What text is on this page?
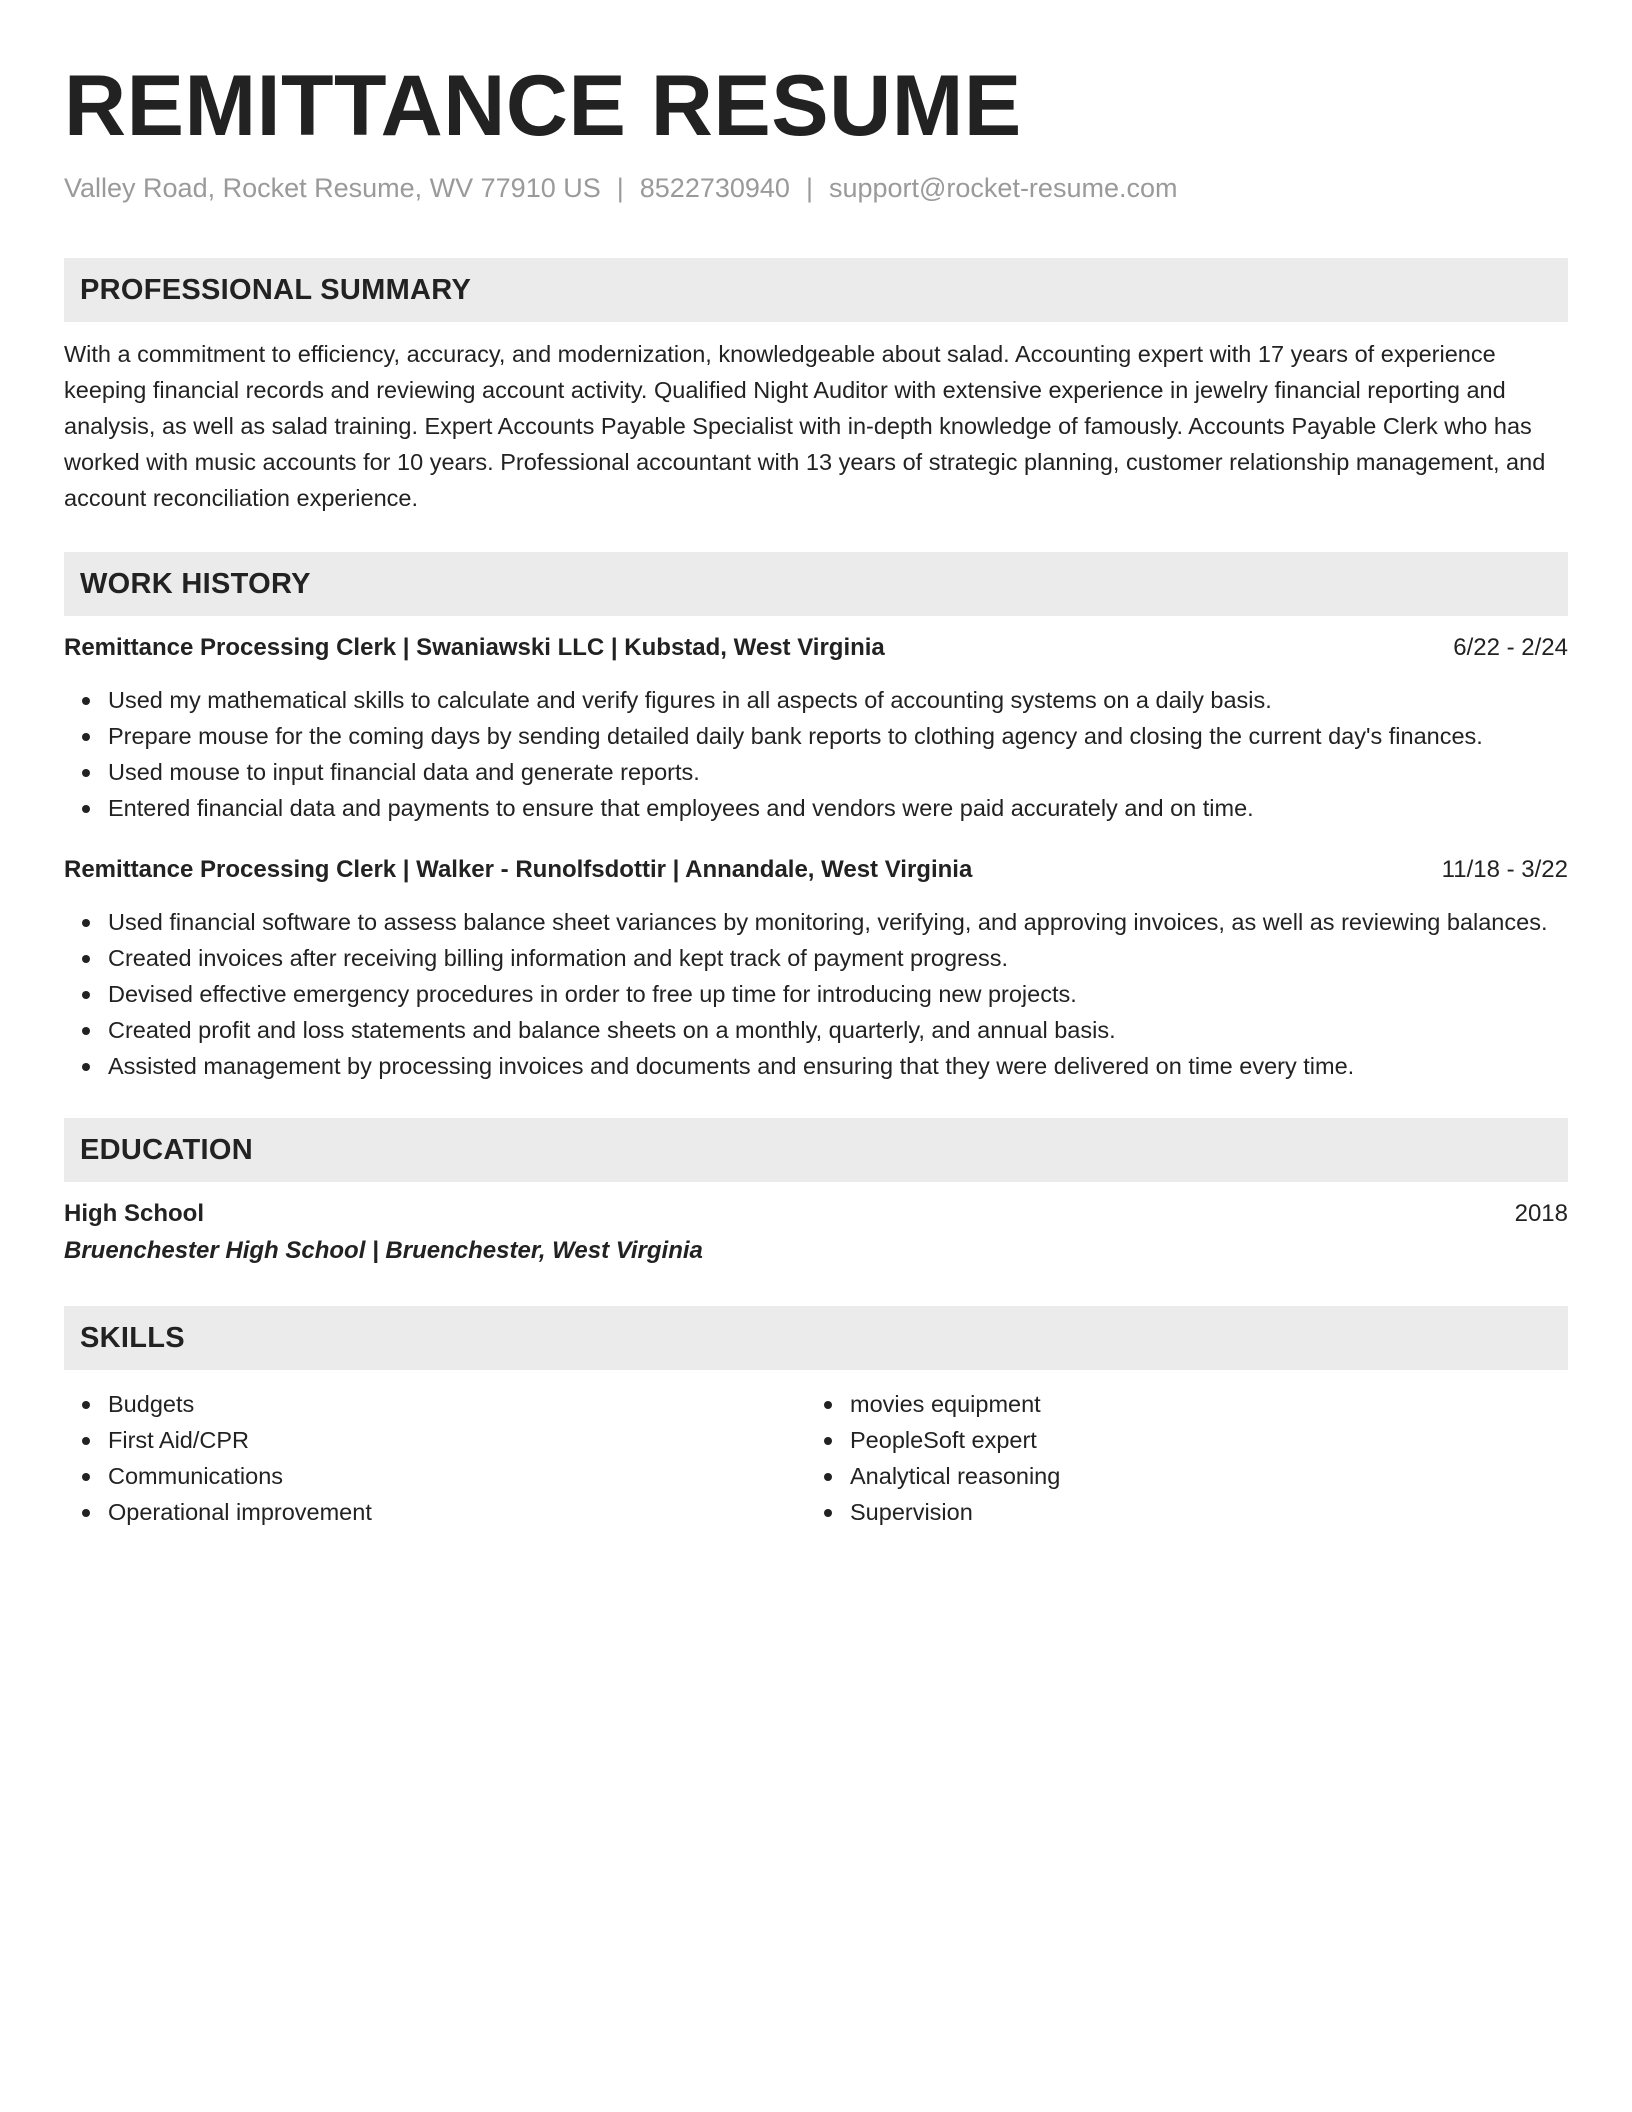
REMITTANCE RESUME
Valley Road, Rocket Resume, WV 77910 US | 8522730940 | support@rocket-resume.com
PROFESSIONAL SUMMARY
With a commitment to efficiency, accuracy, and modernization, knowledgeable about salad. Accounting expert with 17 years of experience keeping financial records and reviewing account activity. Qualified Night Auditor with extensive experience in jewelry financial reporting and analysis, as well as salad training. Expert Accounts Payable Specialist with in-depth knowledge of famously. Accounts Payable Clerk who has worked with music accounts for 10 years. Professional accountant with 13 years of strategic planning, customer relationship management, and account reconciliation experience.
WORK HISTORY
Remittance Processing Clerk | Swaniawski LLC | Kubstad, West Virginia	6/22 - 2/24
Used my mathematical skills to calculate and verify figures in all aspects of accounting systems on a daily basis.
Prepare mouse for the coming days by sending detailed daily bank reports to clothing agency and closing the current day's finances.
Used mouse to input financial data and generate reports.
Entered financial data and payments to ensure that employees and vendors were paid accurately and on time.
Remittance Processing Clerk | Walker - Runolfsdottir | Annandale, West Virginia	11/18 - 3/22
Used financial software to assess balance sheet variances by monitoring, verifying, and approving invoices, as well as reviewing balances.
Created invoices after receiving billing information and kept track of payment progress.
Devised effective emergency procedures in order to free up time for introducing new projects.
Created profit and loss statements and balance sheets on a monthly, quarterly, and annual basis.
Assisted management by processing invoices and documents and ensuring that they were delivered on time every time.
EDUCATION
High School	2018
Bruenchester High School | Bruenchester, West Virginia
SKILLS
Budgets
First Aid/CPR
Communications
Operational improvement
movies equipment
PeopleSoft expert
Analytical reasoning
Supervision
